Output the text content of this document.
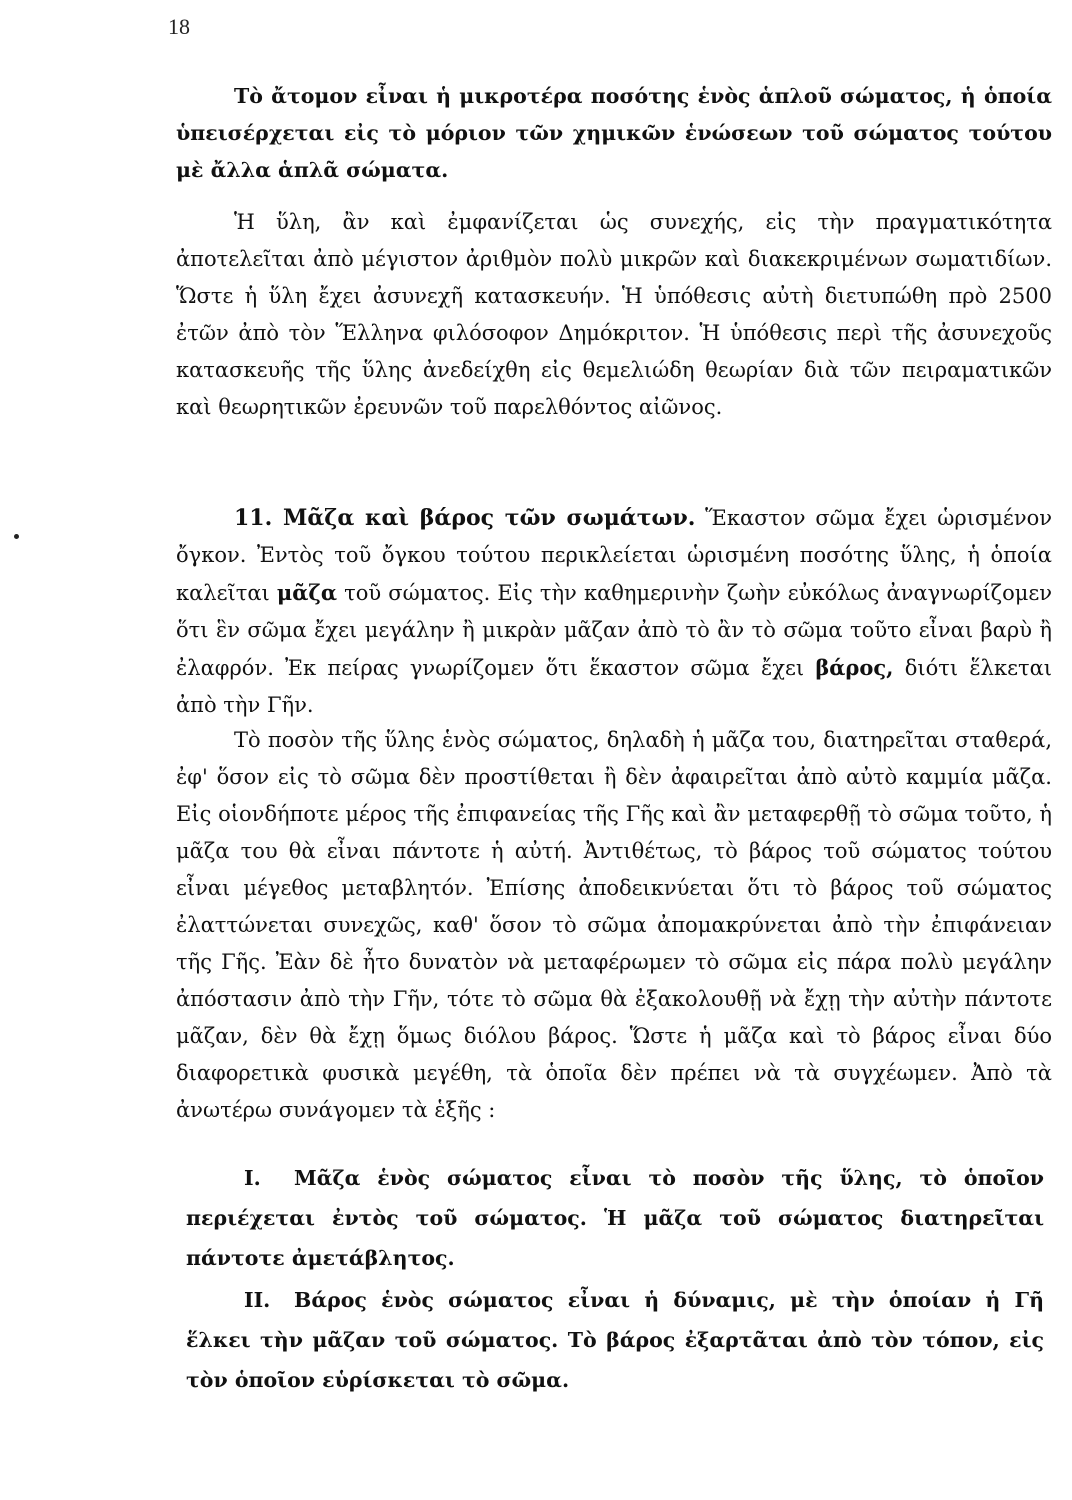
18
Τὸ ἄτομον εἶναι ἡ μικροτέρα ποσότης ἑνὸς ἁπλοῦ σώματος, ἡ ὁποία ὑπεισέρχεται εἰς τὸ μόριον τῶν χημικῶν ἑνώσεων τοῦ σώματος τούτου μὲ ἄλλα ἁπλᾶ σώματα.
Ἡ ὕλη, ἂν καὶ ἐμφανίζεται ὡς συνεχής, εἰς τὴν πραγματικότητα ἀποτελεῖται ἀπὸ μέγιστον ἀριθμὸν πολὺ μικρῶν καὶ διακεκριμένων σωματιδίων. Ὥστε ἡ ὕλη ἔχει ἀσυνεχῆ κατασκευήν. Ἡ ὑπόθεσις αὐτὴ διετυπώθη πρὸ 2500 ἐτῶν ἀπὸ τὸν Ἕλληνα φιλόσοφον Δημόκριτον. Ἡ ὑπόθεσις περὶ τῆς ἀσυνεχοῦς κατασκευῆς τῆς ὕλης ἀνεδείχθη εἰς θεμελιώδη θεωρίαν διὰ τῶν πειραματικῶν καὶ θεωρητικῶν ἐρευνῶν τοῦ παρελθόντος αἰῶνος.
11. Μᾶζα καὶ βάρος τῶν σωμάτων. Ἕκαστον σῶμα ἔχει ὡρισμένον ὄγκον. Ἐντὸς τοῦ ὄγκου τούτου περικλείεται ὡρισμένη ποσότης ὕλης, ἡ ὁποία καλεῖται μᾶζα τοῦ σώματος. Εἰς τὴν καθημερινὴν ζωὴν εὐκόλως ἀναγνωρίζομεν ὅτι ἓν σῶμα ἔχει μεγάλην ἢ μικρὰν μᾶζαν ἀπὸ τὸ ἂν τὸ σῶμα τοῦτο εἶναι βαρὺ ἢ ἐλαφρόν. Ἐκ πείρας γνωρίζομεν ὅτι ἕκαστον σῶμα ἔχει βάρος, διότι ἕλκεται ἀπὸ τὴν Γῆν.
Τὸ ποσὸν τῆς ὕλης ἑνὸς σώματος, δηλαδὴ ἡ μᾶζα του, διατηρεῖται σταθερά, ἐφ' ὅσον εἰς τὸ σῶμα δὲν προστίθεται ἢ δὲν ἀφαιρεῖται ἀπὸ αὐτὸ καμμία μᾶζα. Εἰς οἱονδήποτε μέρος τῆς ἐπιφανείας τῆς Γῆς καὶ ἂν μεταφερθῇ τὸ σῶμα τοῦτο, ἡ μᾶζα του θὰ εἶναι πάντοτε ἡ αὐτή. Ἀντιθέτως, τὸ βάρος τοῦ σώματος τούτου εἶναι μέγεθος μεταβλητόν. Ἐπίσης ἀποδεικνύεται ὅτι τὸ βάρος τοῦ σώματος ἐλαττώνεται συνεχῶς, καθ' ὅσον τὸ σῶμα ἀπομακρύνεται ἀπὸ τὴν ἐπιφάνειαν τῆς Γῆς. Ἐὰν δὲ ἦτο δυνατὸν νὰ μεταφέρωμεν τὸ σῶμα εἰς πάρα πολὺ μεγάλην ἀπόστασιν ἀπὸ τὴν Γῆν, τότε τὸ σῶμα θὰ ἐξακολουθῇ νὰ ἔχῃ τὴν αὐτὴν πάντοτε μᾶζαν, δὲν θὰ ἔχῃ ὅμως διόλου βάρος. Ὥστε ἡ μᾶζα καὶ τὸ βάρος εἶναι δύο διαφορετικὰ φυσικὰ μεγέθη, τὰ ὁποῖα δὲν πρέπει νὰ τὰ συγχέωμεν. Ἀπὸ τὰ ἀνωτέρω συνάγομεν τὰ ἑξῆς :
I. Μᾶζα ἑνὸς σώματος εἶναι τὸ ποσὸν τῆς ὕλης, τὸ ὁποῖον περιέχεται ἐντὸς τοῦ σώματος. Ἡ μᾶζα τοῦ σώματος διατηρεῖται πάντοτε ἀμετάβλητος.
II. Βάρος ἑνὸς σώματος εἶναι ἡ δύναμις, μὲ τὴν ὁποίαν ἡ Γῆ ἕλκει τὴν μᾶζαν τοῦ σώματος. Τὸ βάρος ἐξαρτᾶται ἀπὸ τὸν τόπον, εἰς τὸν ὁποῖον εὑρίσκεται τὸ σῶμα.
